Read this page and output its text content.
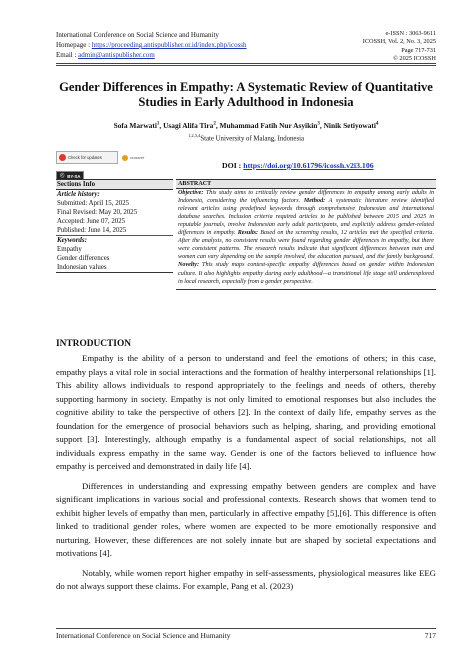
International Conference on Social Science and Humanity
Homepage : https://proceeding.antispublisher.or.id/index.php/icossh
Email : admin@antispublisher.com
e-ISSN : 3063-9611
ICOSSH, Vol. 2, No. 3, 2025
Page 717-731
© 2025 ICOSSH
Gender Differences in Empathy: A Systematic Review of Quantitative
Studies in Early Adulthood in Indonesia
Sofa Marwati$^1$, Usagi Alifa Tira$^2$, Muhammad Fatih Nur Asyikin$^3$, Ninik Setiyowati$^4$
$^{1,2,3,4}$State University of Malang, Indonesia
Check for updates	crossref
ⓒ BY-SA
DOI : https://doi.org/10.61796/icossh.v2i3.106
Sections Info
Article history:
Submitted: April 15, 2025
Final Revised: May 20, 2025
Accepted: June 07, 2025
Published: June 14, 2025
Keywords:
Empathy
Gender differences
Indonesian values
ABSTRACT
Objective: This study aims to critically review gender differences in empathy among early adults in Indonesia, considering the influencing factors. Method: A systematic literature review identified relevant articles using predefined keywords through comprehensive Indonesian and international database searches. Inclusion criteria required articles to be published between 2015 and 2025 in reputable journals, involve Indonesian early adult participants, and explicitly address gender-related differences in empathy. Results: Based on the screening results, 12 articles met the specified criteria. After the analysis, no consistent results were found regarding gender differences in empathy, but there were consistent patterns. The research results indicate that significant differences between men and women can vary depending on the sample involved, the education pursued, and the family background. Novelty: This study maps context-specific empathy differences based on gender within Indonesian culture. It also highlights empathy during early adulthood—a transitional life stage still underexplored in local research, especially from a gender perspective.
INTRODUCTION

Empathy is the ability of a person to understand and feel the emotions of others; in this case, empathy plays a vital role in social interactions and the formation of healthy interpersonal relationships [1]. This ability allows individuals to respond appropriately to the feelings and needs of others, thereby supporting harmony in society. Empathy is not only limited to emotional responses but also includes the cognitive ability to take the perspective of others [2]. In the context of daily life, empathy serves as the foundation for the emergence of prosocial behaviors such as helping, sharing, and providing emotional support [3]. Interestingly, although empathy is a fundamental aspect of social relationships, not all individuals express empathy in the same way. Gender is one of the factors believed to influence how empathy is perceived and demonstrated in daily life [4].

Differences in understanding and expressing empathy between genders are complex and have significant implications in various social and professional contexts. Research shows that women tend to exhibit higher levels of empathy than men, particularly in affective empathy [5],[6]. This difference is often linked to traditional gender roles, where women are expected to be more emotionally responsive and nurturing. However, these differences are not solely innate but are shaped by societal expectations and motivations [4].

Notably, while women report higher empathy in self-assessments, physiological measures like EEG do not always support these claims. For example, Pang et al. (2023)

International Conference on Social Science and Humanity	717
